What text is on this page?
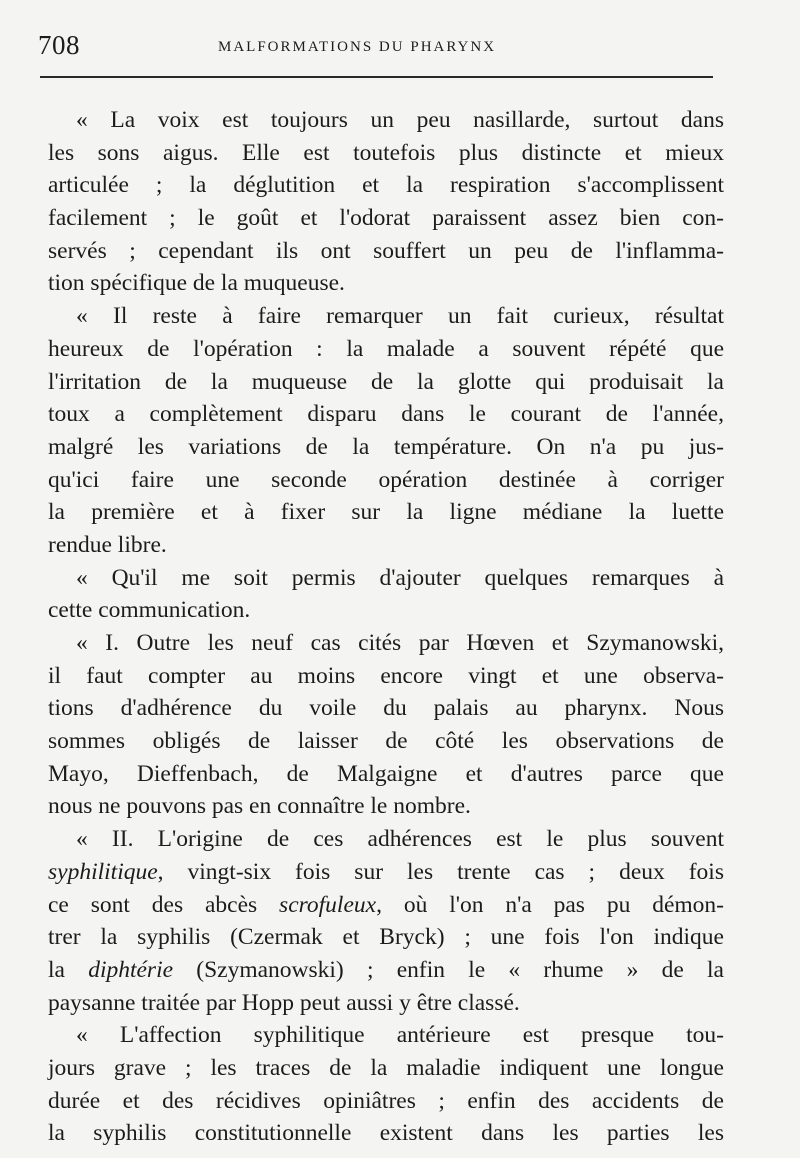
708	MALFORMATIONS DU PHARYNX
« La voix est toujours un peu nasillarde, surtout dans
les sons aigus. Elle est toutefois plus distincte et mieux
articulée ; la déglutition et la respiration s'accomplissent
facilement ; le goût et l'odorat paraissent assez bien con-
servés ; cependant ils ont souffert un peu de l'inflamma-
tion spécifique de la muqueuse.
« Il reste à faire remarquer un fait curieux, résultat
heureux de l'opération : la malade a souvent répété que
l'irritation de la muqueuse de la glotte qui produisait la
toux a complètement disparu dans le courant de l'année,
malgré les variations de la température. On n'a pu jus-
qu'ici faire une seconde opération destinée à corriger
la première et à fixer sur la ligne médiane la luette
rendue libre.
« Qu'il me soit permis d'ajouter quelques remarques à
cette communication.
« I. Outre les neuf cas cités par Hœven et Szymanowski,
il faut compter au moins encore vingt et une observa-
tions d'adhérence du voile du palais au pharynx. Nous
sommes obligés de laisser de côté les observations de
Mayo, Dieffenbach, de Malgaigne et d'autres parce que
nous ne pouvons pas en connaître le nombre.
« II. L'origine de ces adhérences est le plus souvent
syphilitique, vingt-six fois sur les trente cas ; deux fois
ce sont des abcès scrofuleux, où l'on n'a pas pu démon-
trer la syphilis (Czermak et Bryck) ; une fois l'on indique
la diphtérie (Szymanowski) ; enfin le « rhume » de la
paysanne traitée par Hopp peut aussi y être classé.
« L'affection syphilitique antérieure est presque tou-
jours grave ; les traces de la maladie indiquent une longue
durée et des récidives opiniâtres ; enfin des accidents de
la syphilis constitutionnelle existent dans les parties les
